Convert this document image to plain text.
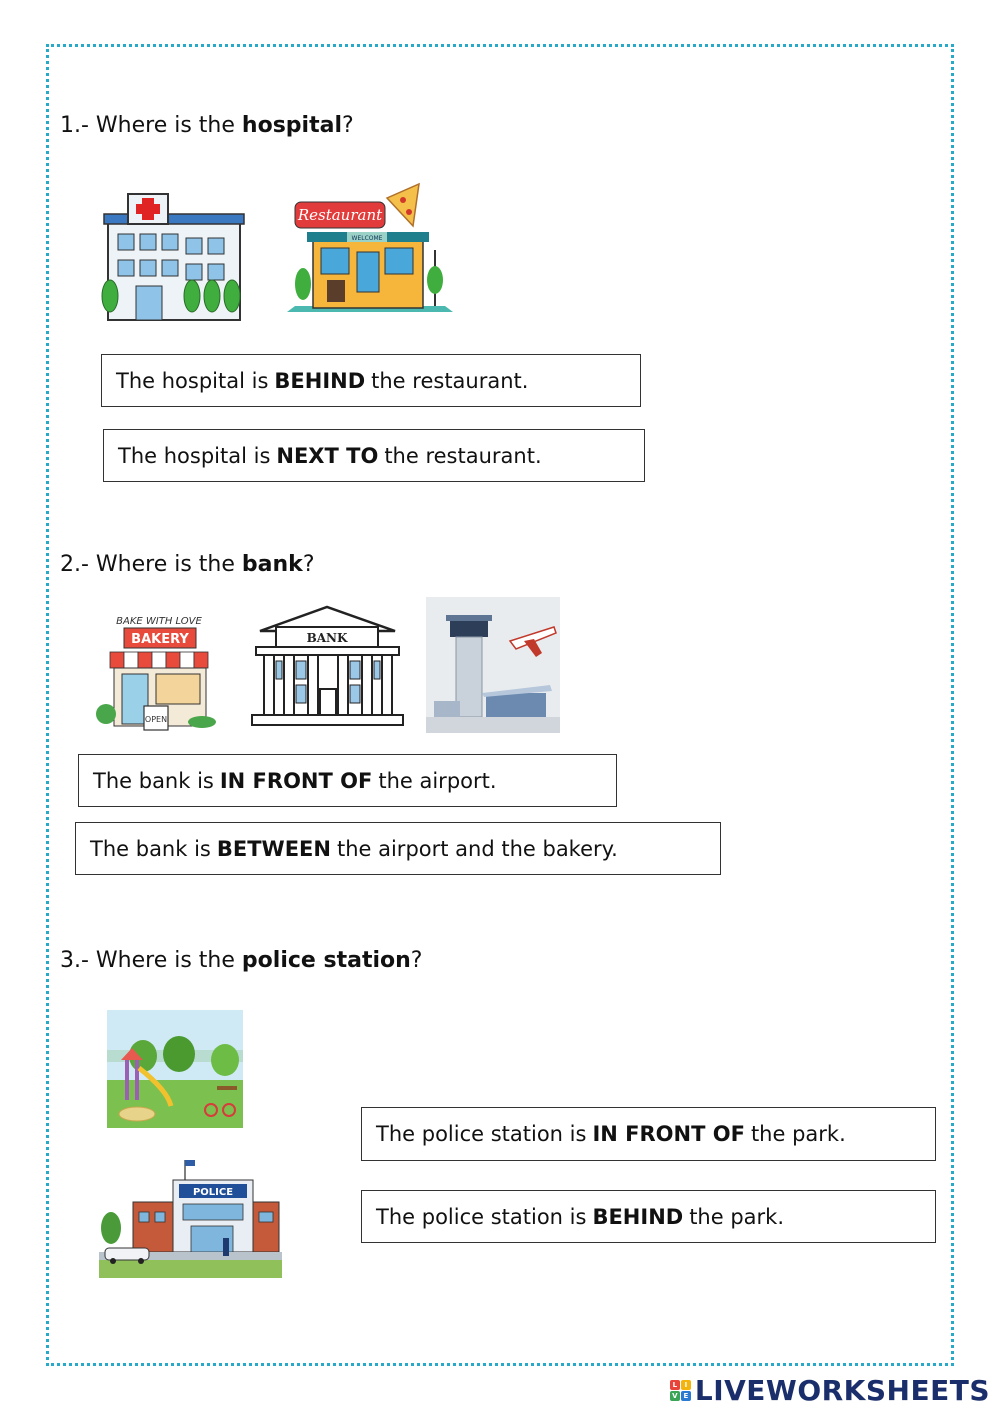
1.- Where is the hospital?
Restaurant
WELCOME
The hospital is BEHIND the restaurant.
The hospital is NEXT TO the restaurant.
2.- Where is the bank?
BAKE WITH LOVE
BAKERY
OPEN
BANK
The bank is IN FRONT OF the airport.
The bank is BETWEEN the airport and the bakery.
3.- Where is the police station?
POLICE
The police station is IN FRONT OF the park.
The police station is BEHIND the park.
L	I
V E LIVEWORKSHEETS
